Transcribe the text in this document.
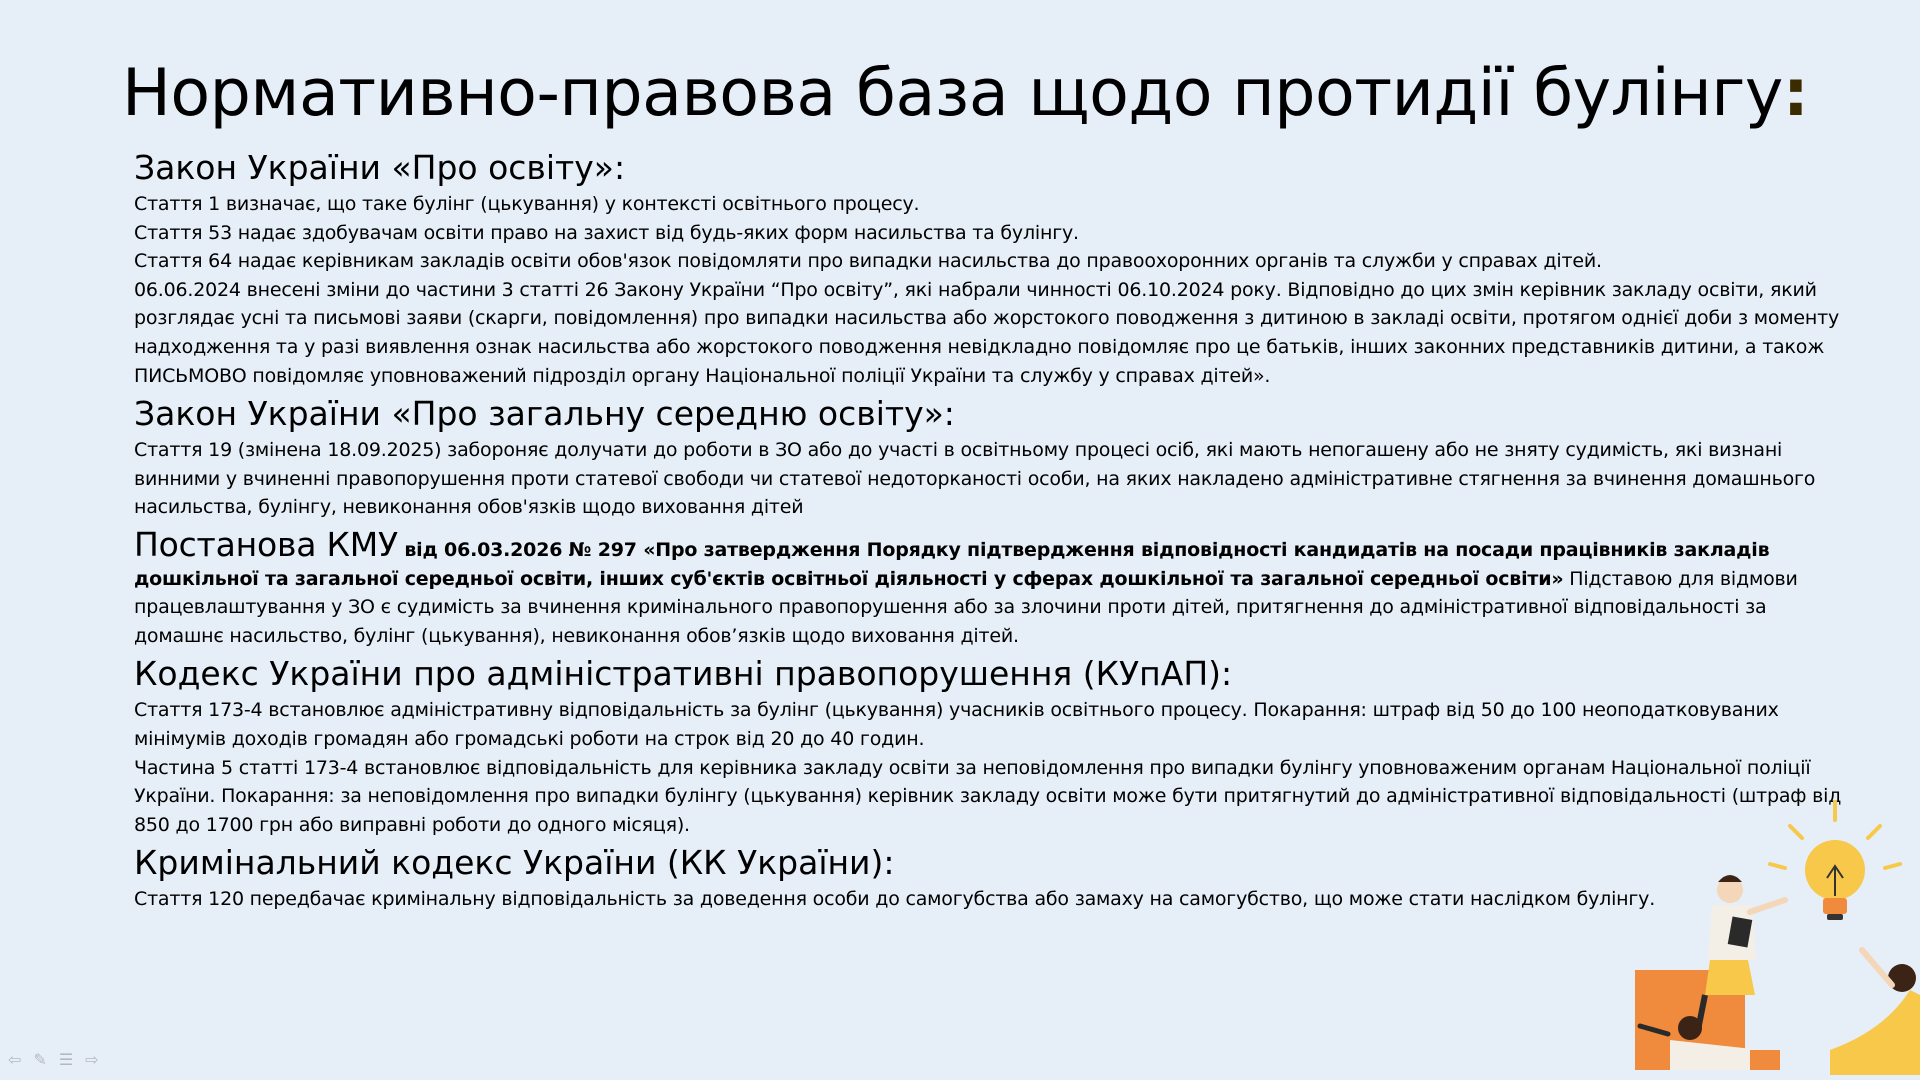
Нормативно-правова база щодо протидії булінгу:
Закон України «Про освіту»:

Стаття 1 визначає, що таке булінг (цькування) у контексті освітнього процесу.

Стаття 53 надає здобувачам освіти право на захист від будь-яких форм насильства та булінгу.

Стаття 64 надає керівникам закладів освіти обов'язок повідомляти про випадки насильства до правоохоронних органів та служби у справах дітей.

06.06.2024 внесені зміни до частини 3 статті 26 Закону України “Про освіту”, які набрали чинності 06.10.2024 року. Відповідно до цих змін керівник закладу освіти, який розглядає усні та письмові заяви (скарги, повідомлення) про випадки насильства або жорстокого поводження з дитиною в закладі освіти, протягом однієї доби з моменту надходження та у разі виявлення ознак насильства або жорстокого поводження невідкладно повідомляє про це батьків, інших законних представників дитини, а також ПИСЬМОВО повідомляє уповноважений підрозділ органу Національної поліції України та службу у справах дітей».

Закон України «Про загальну середню освіту»:

Стаття 19 (змінена 18.09.2025) забороняє долучати до роботи в ЗО або до участі в освітньому процесі осіб, які мають непогашену або не зняту судимість, які визнані винними у вчиненні правопорушення проти статевої свободи чи статевої недоторканості особи, на яких накладено адміністративне стягнення за вчинення домашнього насильства, булінгу, невиконання обов'язків щодо виховання дітей

Постанова КМУ від 06.03.2026 № 297 «Про затвердження Порядку підтвердження відповідності кандидатів на посади працівників закладів дошкільної та загальної середньої освіти, інших суб'єктів освітньої діяльності у сферах дошкільної та загальної середньої освіти» Підставою для відмови працевлаштування у ЗО є судимість за вчинення кримінального правопорушення або за злочини проти дітей, притягнення до адміністративної відповідальності за домашнє насильство, булінг (цькування), невиконання обов’язків щодо виховання дітей.

Кодекс України про адміністративні правопорушення (КУпАП):

Стаття 173-4 встановлює адміністративну відповідальність за булінг (цькування) учасників освітнього процесу. Покарання: штраф від 50 до 100 неоподатковуваних мінімумів доходів громадян або громадські роботи на строк від 20 до 40 годин.

Частина 5 статті 173-4 встановлює відповідальність для керівника закладу освіти за неповідомлення про випадки булінгу уповноваженим органам Національної поліції України. Покарання: за неповідомлення про випадки булінгу (цькування) керівник закладу освіти може бути притягнутий до адміністративної відповідальності (штраф від 850 до 1700 грн або виправні роботи до одного місяця).

Кримінальний кодекс України (КК України):

Стаття 120 передбачає кримінальну відповідальність за доведення особи до самогубства або замаху на самогубство, що може стати наслідком булінгу.

⇦ ✎ ☰ ⇨
